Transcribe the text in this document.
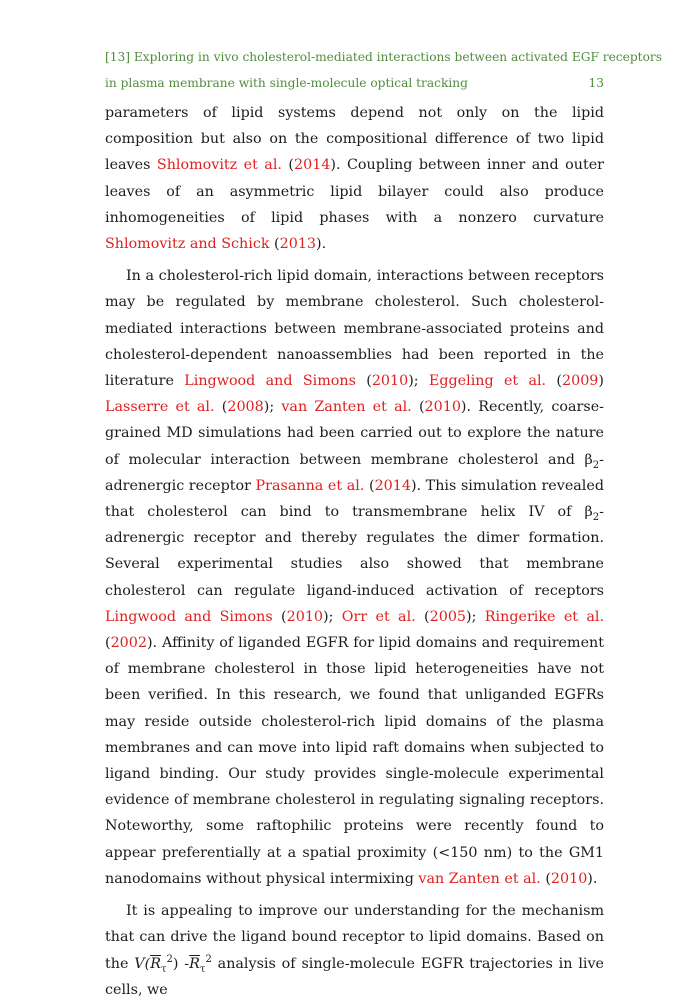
[13] Exploring in vivo cholesterol-mediated interactions between activated EGF receptors
in plasma membrane with single-molecule optical tracking	13

parameters of lipid systems depend not only on the lipid composition but also on the compositional difference of two lipid leaves Shlomovitz et al. (2014). Coupling between inner and outer leaves of an asymmetric lipid bilayer could also produce inhomogeneities of lipid phases with a nonzero curvature Shlomovitz and Schick (2013).

In a cholesterol-rich lipid domain, interactions between receptors may be regulated by membrane cholesterol. Such cholesterol-mediated interactions between membrane-associated proteins and cholesterol-dependent nanoassemblies had been reported in the literature Lingwood and Simons (2010); Eggeling et al. (2009) Lasserre et al. (2008); van Zanten et al. (2010). Recently, coarse-grained MD simulations had been carried out to explore the nature of molecular interaction between membrane cholesterol and $\beta_2$-adrenergic receptor Prasanna et al. (2014). This simulation revealed that cholesterol can bind to transmembrane helix IV of $\beta_2$-adrenergic receptor and thereby regulates the dimer formation. Several experimental studies also showed that membrane cholesterol can regulate ligand-induced activation of receptors Lingwood and Simons (2010); Orr et al. (2005); Ringerike et al. (2002). Affinity of liganded EGFR for lipid domains and requirement of membrane cholesterol in those lipid heterogeneities have not been verified. In this research, we found that unliganded EGFRs may reside outside cholesterol-rich lipid domains of the plasma membranes and can move into lipid raft domains when subjected to ligand binding. Our study provides single-molecule experimental evidence of membrane cholesterol in regulating signaling receptors. Noteworthy, some raftophilic proteins were recently found to appear preferentially at a spatial proximity (<150 nm) to the GM1 nanodomains without physical intermixing van Zanten et al. (2010).

It is appealing to improve our understanding for the mechanism that can drive the ligand bound receptor to lipid domains. Based on the $V(\overline{R}_\tau^2)$ $-\overline{R}_\tau^2$ analysis of single-molecule EGFR trajectories in live cells, we
